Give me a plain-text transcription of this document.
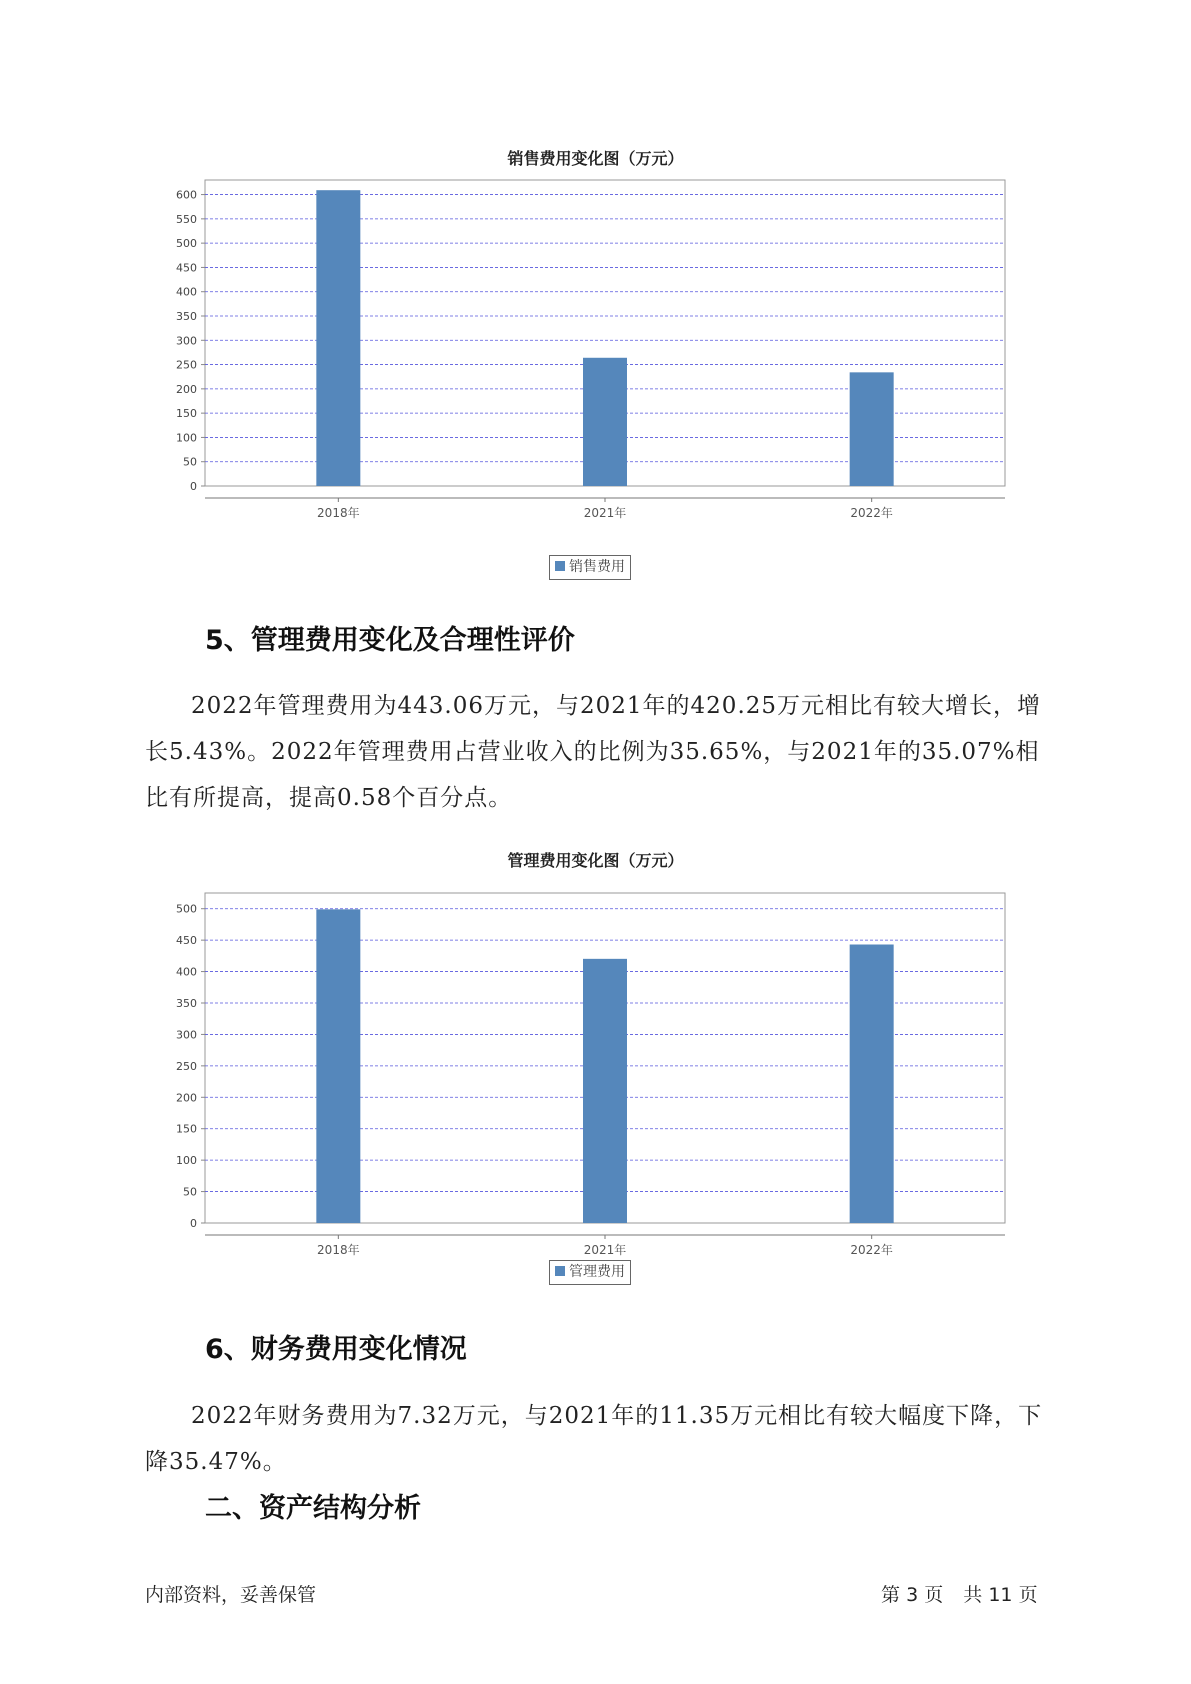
销售费用变化图（万元）
0
50
100
150
200
250
300
350
400
450
500
550
600
2018年	2021年	2022年
销售费用
5、管理费用变化及合理性评价

2022年管理费用为443.06万元，与2021年的420.25万元相比有较大增长，增长5.43%。2022年管理费用占营业收入的比例为35.65%，与2021年的35.07%相比有所提高，提高0.58个百分点。

管理费用变化图（万元）
0
50
100
150
200
250
300
350
400
450
500
2018年	2021年	2022年
管理费用
6、财务费用变化情况

2022年财务费用为7.32万元，与2021年的11.35万元相比有较大幅度下降，下降35.47%。

二、资产结构分析
内部资料，妥善保管	第 3 页 共 11 页
